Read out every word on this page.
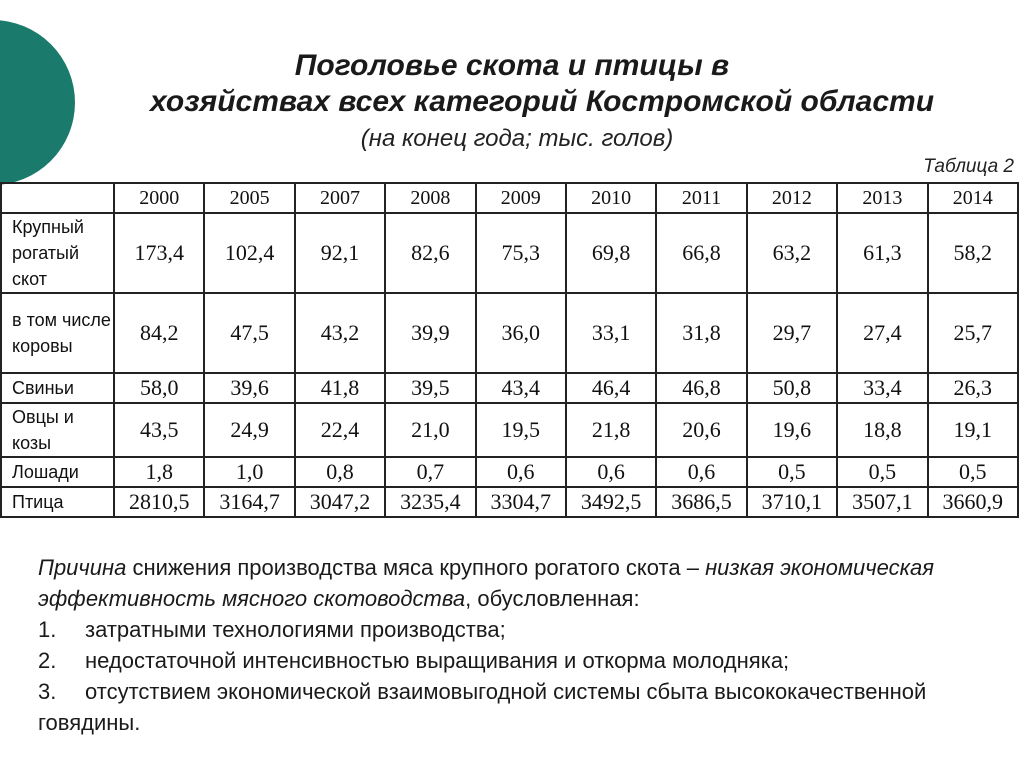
Поголовье скота и птицы в
хозяйствах всех категорий Костромской области
(на конец года; тыс. голов)
Таблица 2
	2000	2005	2007	2008	2009	2010	2011	2012	2013	2014
Крупный рогатый скот	173,4	102,4	92,1	82,6	75,3	69,8	66,8	63,2	61,3	58,2
в том числе коровы	84,2	47,5	43,2	39,9	36,0	33,1	31,8	29,7	27,4	25,7
Свиньи	58,0	39,6	41,8	39,5	43,4	46,4	46,8	50,8	33,4	26,3
Овцы и козы	43,5	24,9	22,4	21,0	19,5	21,8	20,6	19,6	18,8	19,1
Лошади	1,8	1,0	0,8	0,7	0,6	0,6	0,6	0,5	0,5	0,5
Птица	2810,5	3164,7	3047,2	3235,4	3304,7	3492,5	3686,5	3710,1	3507,1	3660,9
Причина снижения производства мяса крупного рогатого скота – низкая экономическая эффективность мясного скотоводства, обусловленная:
1. затратными технологиями производства;
2. недостаточной интенсивностью выращивания и откорма молодняка;
3. отсутствием экономической взаимовыгодной системы сбыта высококачественной говядины.
